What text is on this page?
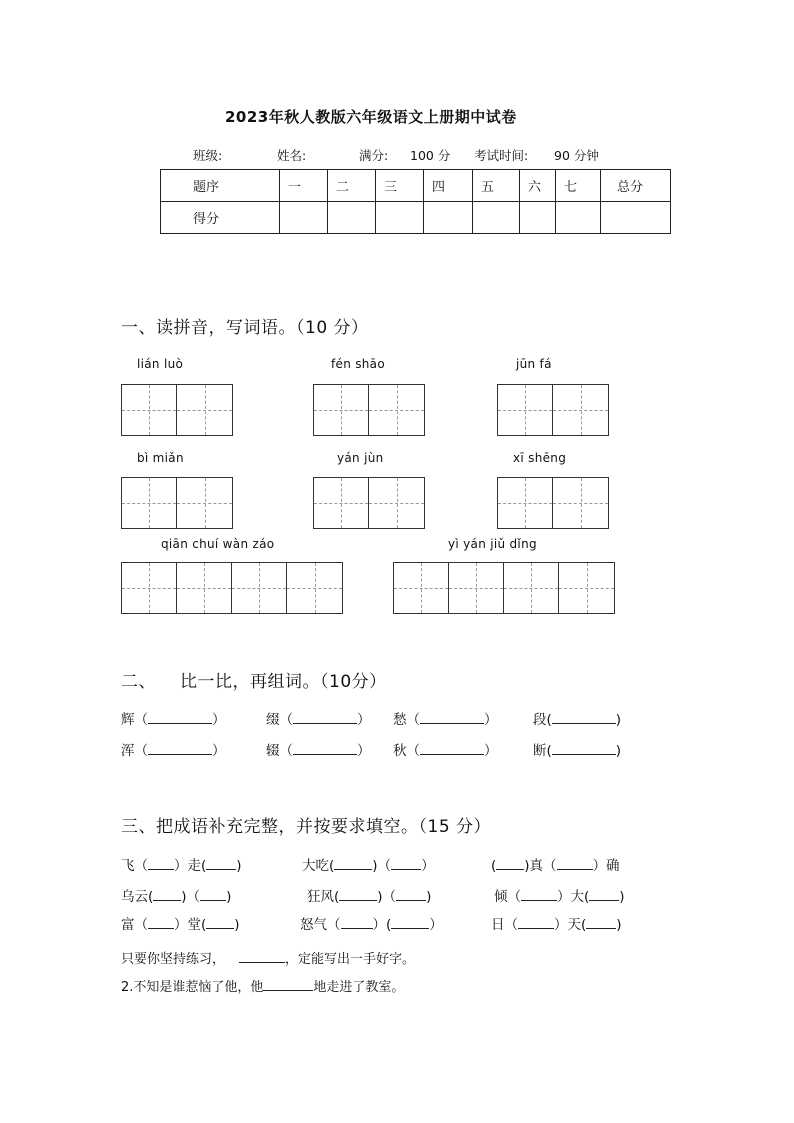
2023年秋人教版六年级语文上册期中试卷
班级:	姓名:	满分: 100 分 考试时间: 90 分钟
题序	一	二	三	四	五	六	七	总分
得分								
一、读拼音，写词语。（10 分）
lián luò	fén shāo	jūn fá
bì miǎn	yán jùn	xī shēng
qiān chuí wàn záo	yì yán jiǔ dǐng
二、 比一比，再组词。（10分）
辉（	）	缀（	） 愁（	）	段(	)
浑（	）	辍（	） 秋（	）	断(	)
三、把成语补充完整，并按要求填空。（15 分）
飞（ ）走( )	大吃(	)（ ）	( )真（	）确
乌云( )（ )	狂风(	)（ )	倾（	）大( )
富（ ）堂( )	怒气（ ）(	）	日（	）天( )
只要你坚持练习，	，定能写出一手好字。
2.不知是谁惹恼了他，他	地走进了教室。
